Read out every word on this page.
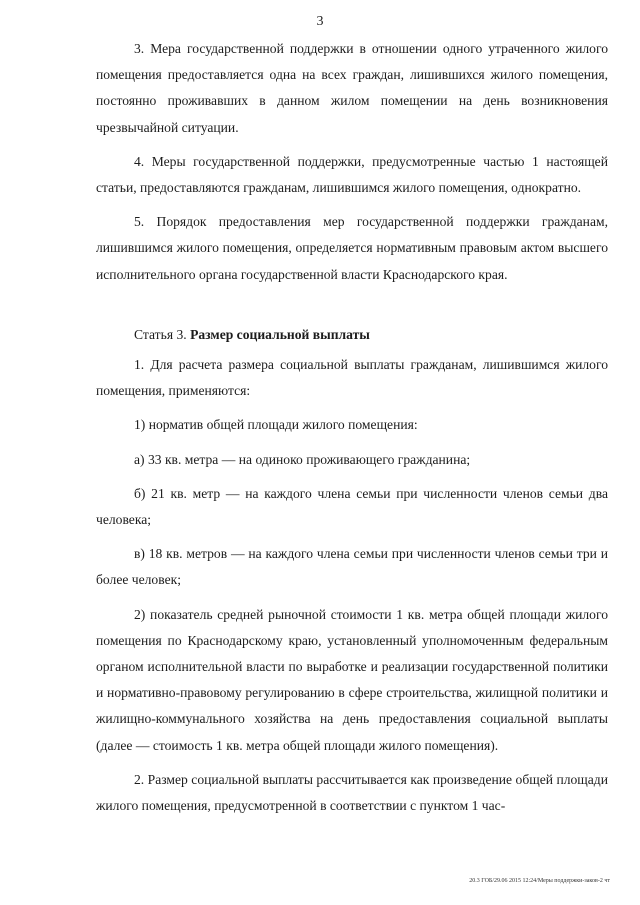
3

3. Мера государственной поддержки в отношении одного утраченного жилого помещения предоставляется одна на всех граждан, лишившихся жилого помещения, постоянно проживавших в данном жилом помещении на день возникновения чрезвычайной ситуации.

4. Меры государственной поддержки, предусмотренные частью 1 настоящей статьи, предоставляются гражданам, лишившимся жилого помещения, однократно.

5. Порядок предоставления мер государственной поддержки гражданам, лишившимся жилого помещения, определяется нормативным правовым актом высшего исполнительного органа государственной власти Краснодарского края.

Статья 3. Размер социальной выплаты

1. Для расчета размера социальной выплаты гражданам, лишившимся жилого помещения, применяются:

1) норматив общей площади жилого помещения:

а) 33 кв. метра — на одиноко проживающего гражданина;

б) 21 кв. метр — на каждого члена семьи при численности членов семьи два человека;

в) 18 кв. метров — на каждого члена семьи при численности членов семьи три и более человек;

2) показатель средней рыночной стоимости 1 кв. метра общей площади жилого помещения по Краснодарскому краю, установленный уполномоченным федеральным органом исполнительной власти по выработке и реализации государственной политики и нормативно-правовому регулированию в сфере строительства, жилищной политики и жилищно-коммунального хозяйства на день предоставления социальной выплаты (далее — стоимость 1 кв. метра общей площади жилого помещения).

2. Размер социальной выплаты рассчитывается как произведение общей площади жилого помещения, предусмотренной в соответствии с пунктом 1 час-

20.3 ГОБ/29.06 2015 12:24/Меры поддержки-заков-2 чт
